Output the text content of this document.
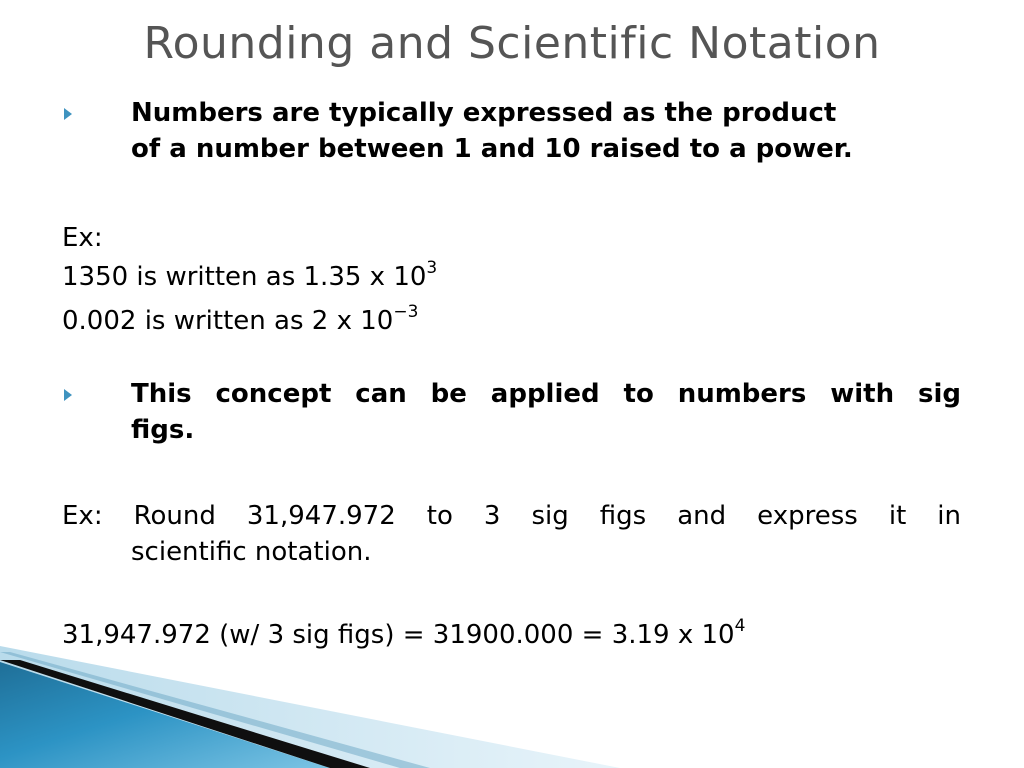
Rounding and Scientific Notation

Numbers are typically expressed as the product

of a number between 1 and 10 raised to a power.

Ex:

1350 is written as 1.35 x $10^3$

0.002 is written as 2 x $10^{-3}$

This concept can be applied to numbers with sig

figs.

Ex: Round 31,947.972 to 3 sig figs and express it in

scientific notation.

31,947.972 (w/ 3 sig figs) = 31900.000 = 3.19 x $10^4$
